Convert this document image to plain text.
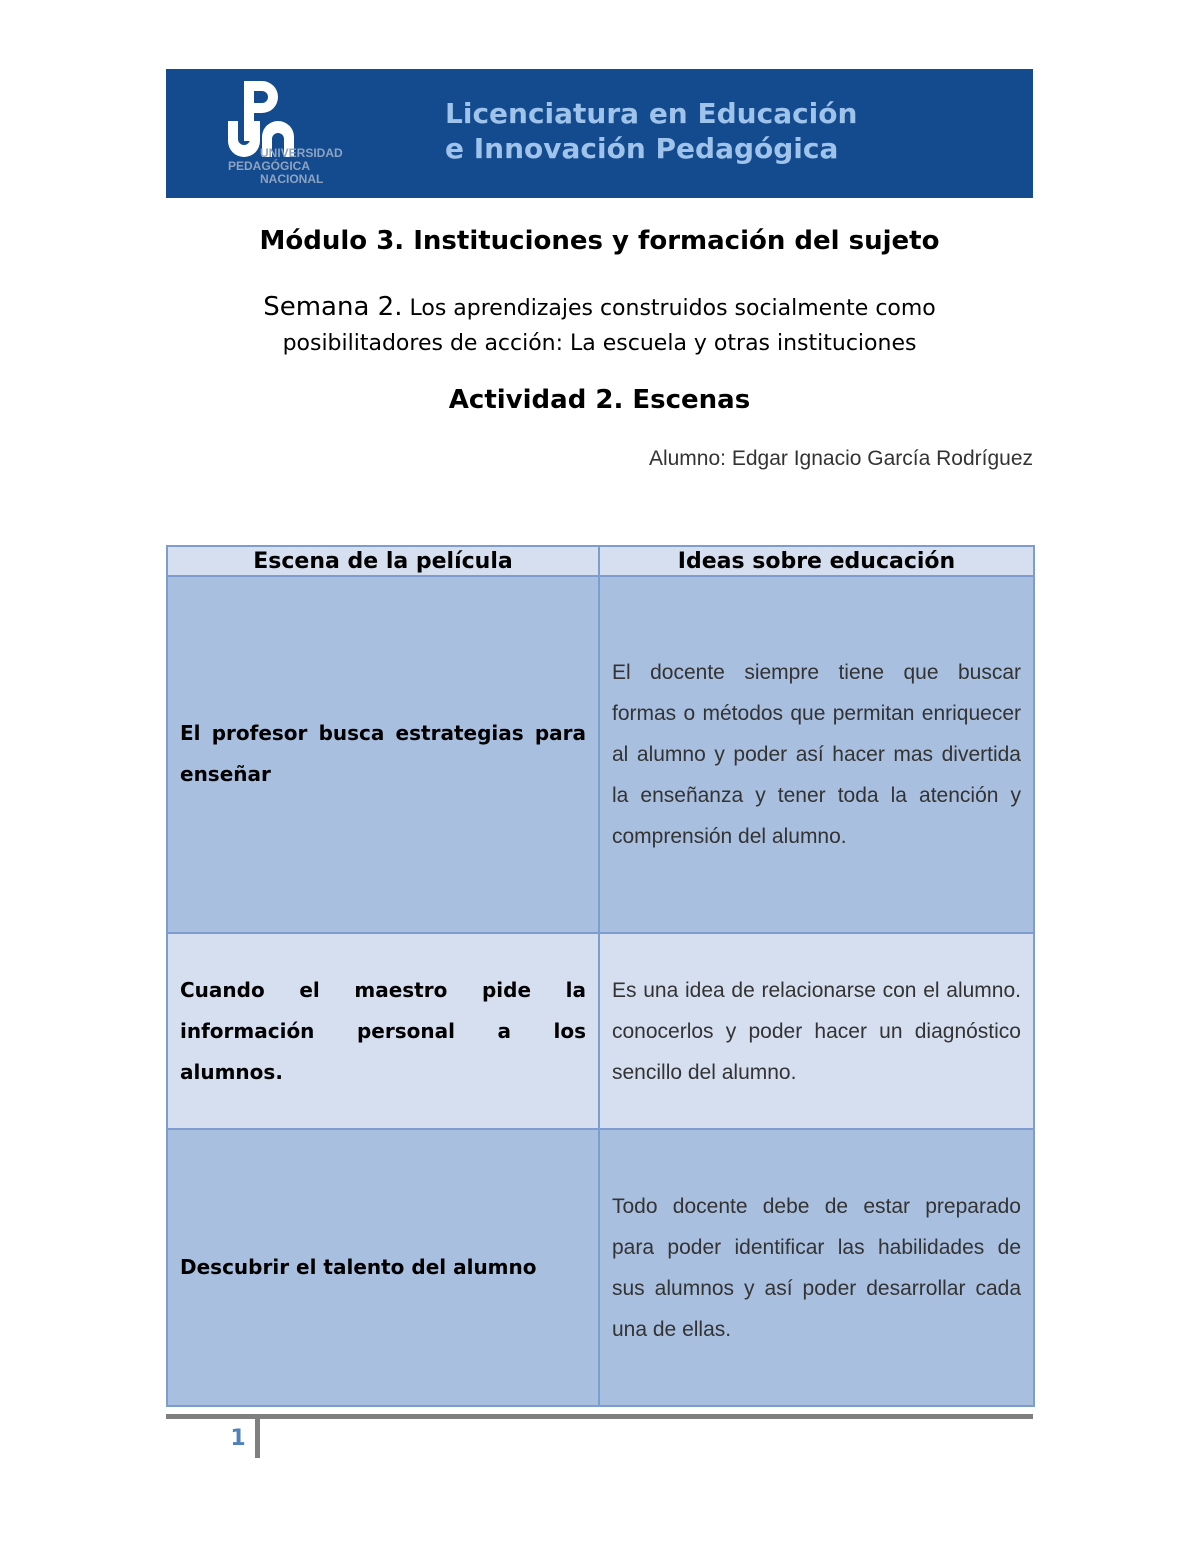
UNIVERSIDAD
PEDAGÓGICA
NACIONAL
Licenciatura en Educación
e Innovación Pedagógica
Módulo 3. Instituciones y formación del sujeto
Semana 2. Los aprendizajes construidos socialmente como
posibilitadores de acción: La escuela y otras instituciones
Actividad 2. Escenas
Alumno: Edgar Ignacio García Rodríguez
Escena de la película	Ideas sobre educación
El profesor busca estrategias para enseñar	El docente siempre tiene que buscar formas o métodos que permitan enriquecer al alumno y poder así hacer mas divertida la enseñanza y tener toda la atención y comprensión del alumno.
Cuando el maestro pide la información personal a los alumnos.	Es una idea de relacionarse con el alumno. conocerlos y poder hacer un diagnóstico sencillo del alumno.
Descubrir el talento del alumno	Todo docente debe de estar preparado para poder identificar las habilidades de sus alumnos y así poder desarrollar cada una de ellas.
1
